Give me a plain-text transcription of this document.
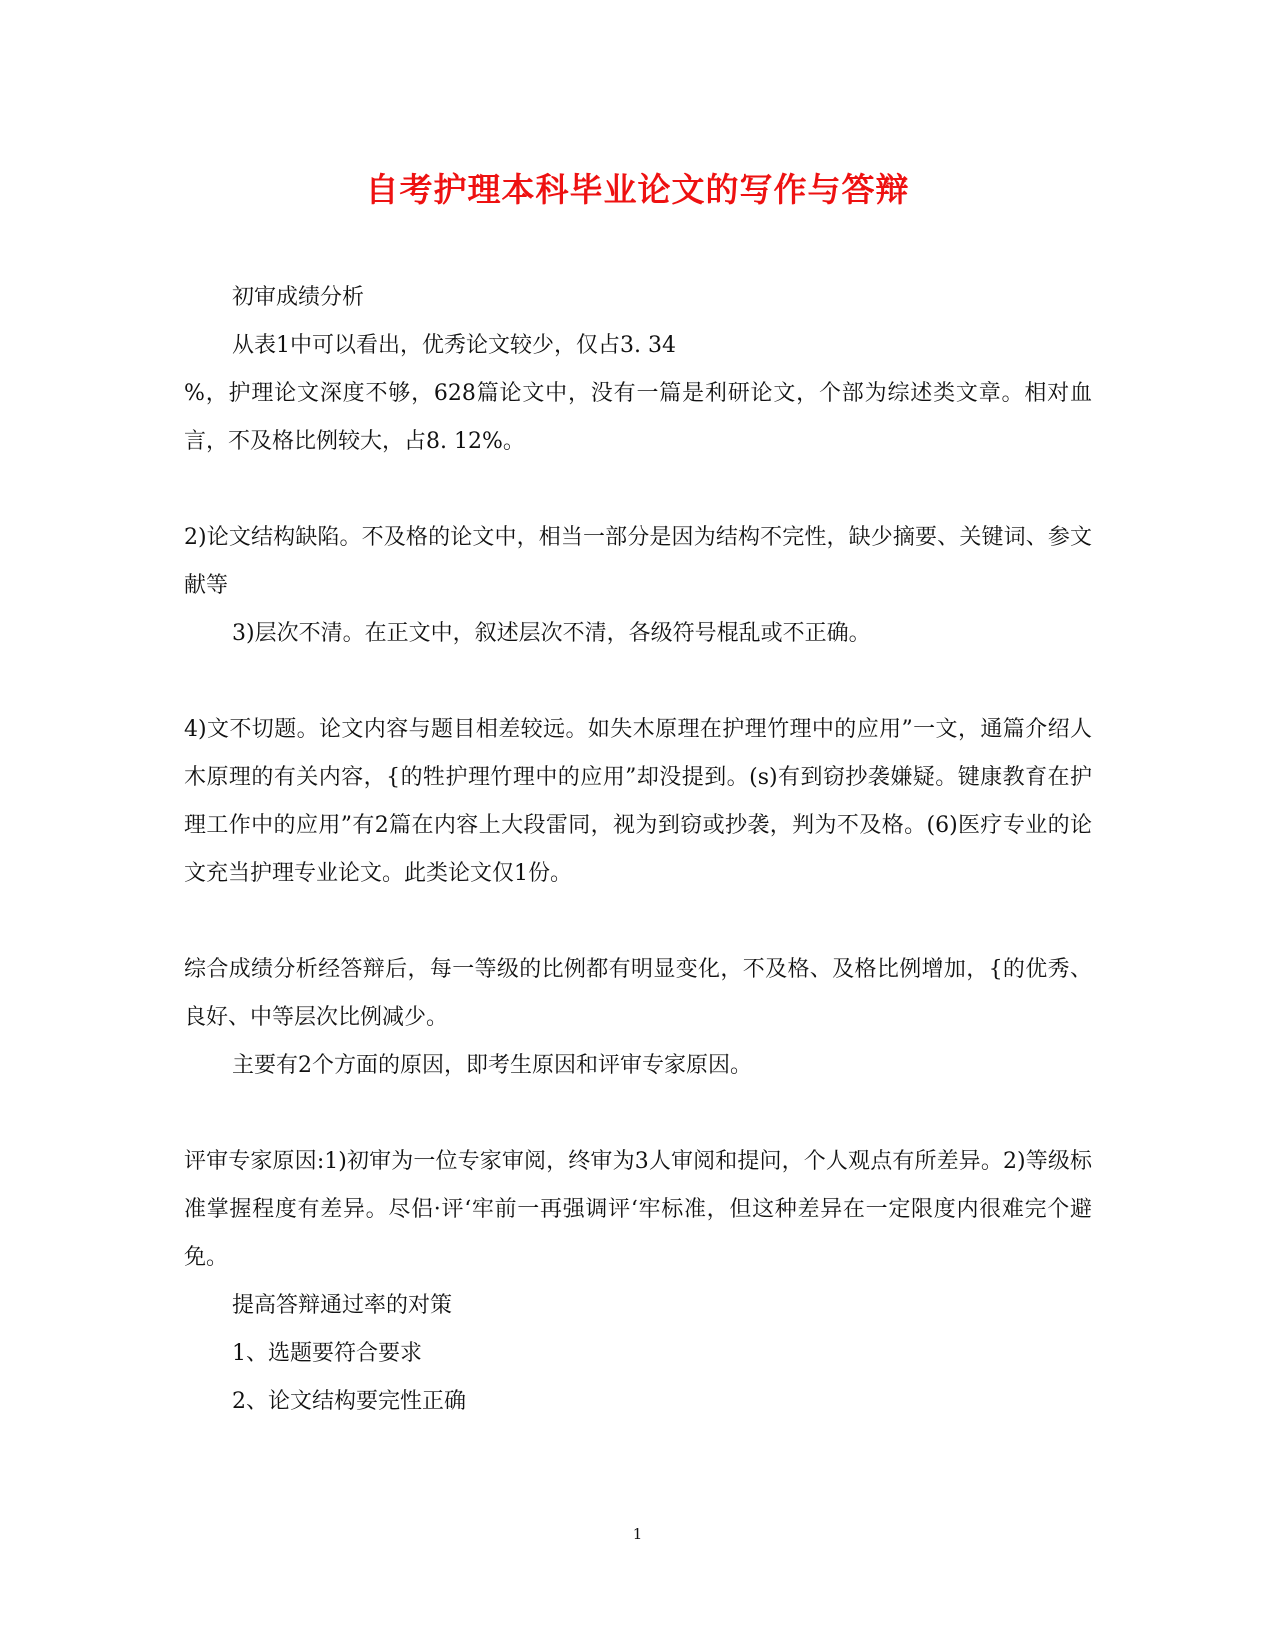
自考护理本科毕业论文的写作与答辩

初审成绩分析

从表1中可以看出，优秀论文较少，仅占3. 34

%，护理论文深度不够，628篇论文中，没有一篇是利研论文，个部为综述类文章。相对血言，不及格比例较大，占8. 12%。

2)论文结构缺陷。不及格的论文中，相当一部分是因为结构不完性，缺少摘要、关键词、参文献等

3)层次不清。在正文中，叙述层次不清，各级符号棍乱或不正确。

4)文不切题。论文内容与题目相差较远。如失木原理在护理竹理中的应用”一文，通篇介绍人木原理的有关内容，{的牲护理竹理中的应用”却没提到。(s)有到窃抄袭嫌疑。键康教育在护理工作中的应用”有2篇在内容上大段雷同，视为到窃或抄袭，判为不及格。(6)医疗专业的论文充当护理专业论文。此类论文仅1份。

综合成绩分析经答辩后，每一等级的比例都有明显变化，不及格、及格比例增加，{的优秀、良好、中等层次比例减少。

主要有2个方面的原因，即考生原因和评审专家原因。

评审专家原因:1)初审为一位专家审阅，终审为3人审阅和提问，个人观点有所差异。2)等级标准掌握程度有差异。尽侣·评‘牢前一再强调评‘牢标准，但这种差异在一定限度内很难完个避免。

提高答辩通过率的对策

1、选题要符合要求

2、论文结构要完性正确

1
